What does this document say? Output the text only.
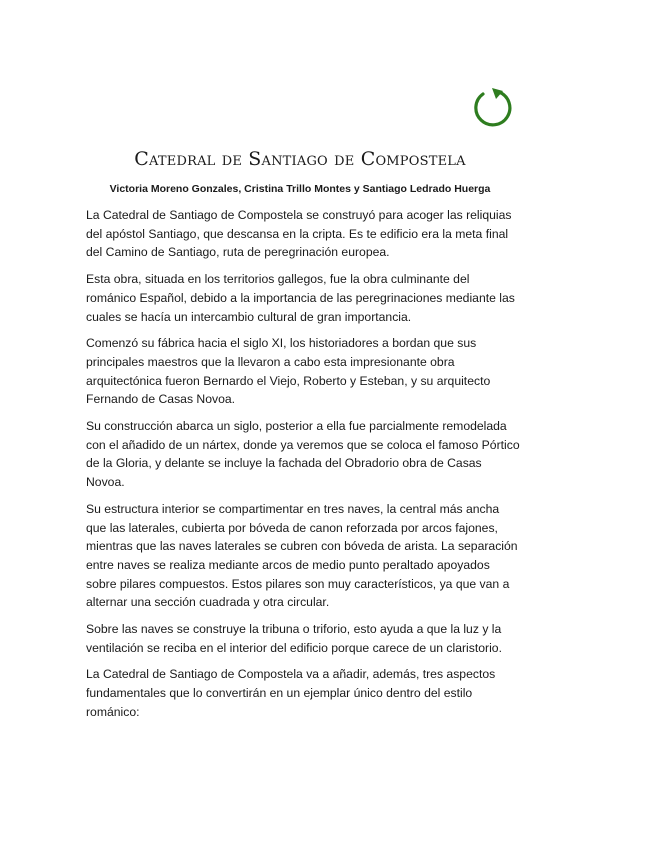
Catedral de Santiago de Compostela
Victoria Moreno Gonzales, Cristina Trillo Montes y Santiago Ledrado Huerga

La Catedral de Santiago de Compostela se construyó para acoger las reliquias del apóstol Santiago, que descansa en la cripta. Es te edificio era la meta final del Camino de Santiago, ruta de peregrinación europea.

Esta obra, situada en los territorios gallegos, fue la obra culminante del románico Español, debido a la importancia de las peregrinaciones mediante las cuales se hacía un intercambio cultural de gran importancia.

Comenzó su fábrica hacia el siglo XI, los historiadores a bordan que sus principales maestros que la llevaron a cabo esta impresionante obra arquitectónica fueron Bernardo el Viejo, Roberto y Esteban, y su arquitecto Fernando de Casas Novoa.

Su construcción abarca un siglo, posterior a ella fue parcialmente remodelada con el añadido de un nártex, donde ya veremos que se coloca el famoso Pórtico de la Gloria, y delante se incluye la fachada del Obradorio obra de Casas Novoa.

Su estructura interior se compartimentar en tres naves, la central más ancha que las laterales, cubierta por bóveda de canon reforzada por arcos fajones, mientras que las naves laterales se cubren con bóveda de arista. La separación entre naves se realiza mediante arcos de medio punto peraltado apoyados sobre pilares compuestos. Estos pilares son muy característicos, ya que van a alternar una sección cuadrada y otra circular.

Sobre las naves se construye la tribuna o triforio, esto ayuda a que la luz y la ventilación se reciba en el interior del edificio porque carece de un claristorio.

La Catedral de Santiago de Compostela va a añadir, además, tres aspectos fundamentales que lo convertirán en un ejemplar único dentro del estilo románico:
